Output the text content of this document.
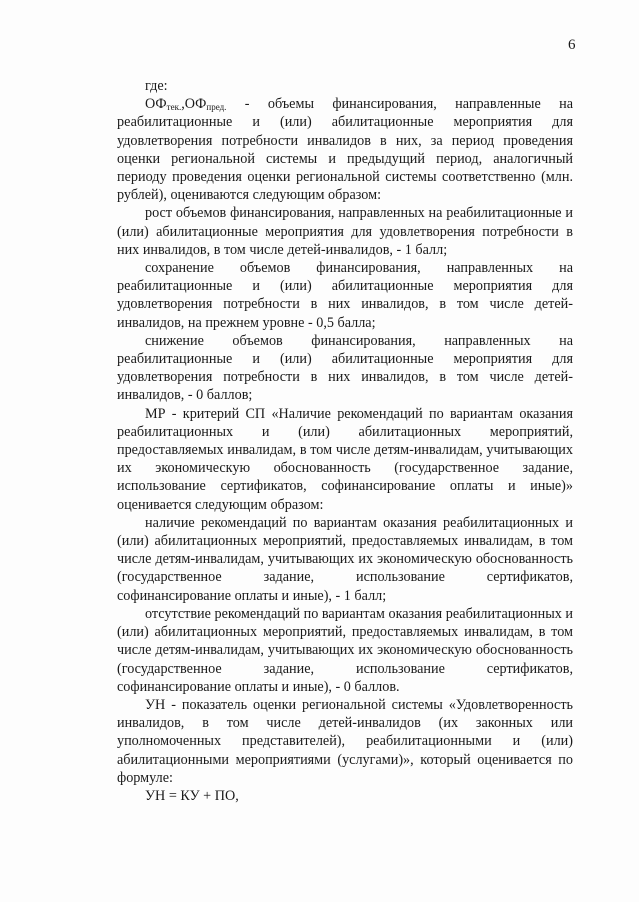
6

где:

$ОФ_{тек.},ОФ_{пред.}$ - объемы финансирования, направленные на реабилитационные и (или) абилитационные мероприятия для удовлетворения потребности инвалидов в них, за период проведения оценки региональной системы и предыдущий период, аналогичный периоду проведения оценки региональной системы соответственно (млн. рублей), оцениваются следующим образом:

рост объемов финансирования, направленных на реабилитационные и (или) абилитационные мероприятия для удовлетворения потребности в них инвалидов, в том числе детей-инвалидов, - 1 балл;

сохранение объемов финансирования, направленных на реабилитационные и (или) абилитационные мероприятия для удовлетворения потребности в них инвалидов, в том числе детей-инвалидов, на прежнем уровне - 0,5 балла;

снижение объемов финансирования, направленных на реабилитационные и (или) абилитационные мероприятия для удовлетворения потребности в них инвалидов, в том числе детей-инвалидов, - 0 баллов;

МР - критерий СП «Наличие рекомендаций по вариантам оказания реабилитационных и (или) абилитационных мероприятий, предоставляемых инвалидам, в том числе детям-инвалидам, учитывающих их экономическую обоснованность (государственное задание, использование сертификатов, софинансирование оплаты и иные)» оценивается следующим образом:

наличие рекомендаций по вариантам оказания реабилитационных и (или) абилитационных мероприятий, предоставляемых инвалидам, в том числе детям-инвалидам, учитывающих их экономическую обоснованность (государственное задание, использование сертификатов, софинансирование оплаты и иные), - 1 балл;

отсутствие рекомендаций по вариантам оказания реабилитационных и (или) абилитационных мероприятий, предоставляемых инвалидам, в том числе детям-инвалидам, учитывающих их экономическую обоснованность (государственное задание, использование сертификатов, софинансирование оплаты и иные), - 0 баллов.

УН - показатель оценки региональной системы «Удовлетворенность инвалидов, в том числе детей-инвалидов (их законных или уполномоченных представителей), реабилитационными и (или) абилитационными мероприятиями (услугами)», который оценивается по формуле:

УН = КУ + ПО,
